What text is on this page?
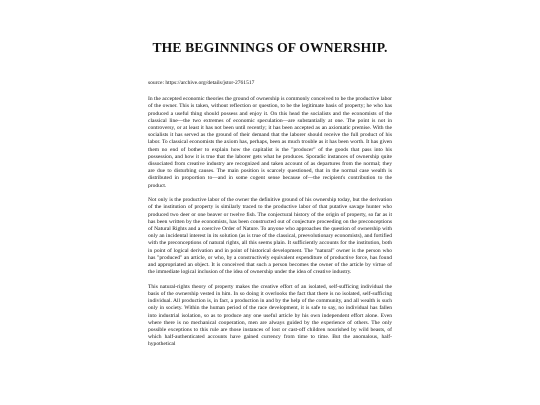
THE BEGINNINGS OF OWNERSHIP.

source: https://archive.org/details/jstor-2761517

In the accepted economic theories the ground of ownership is commonly conceived to be the productive labor of the owner. This is taken, without reflection or question, to be the legitimate basis of property; he who has produced a useful thing should possess and enjoy it. On this head the socialists and the economists of the classical line—the two extremes of economic speculation—are substantially at one. The point is not in controversy, or at least it has not been until recently; it has been accepted as an axiomatic premise. With the socialists it has served as the ground of their demand that the laborer should receive the full product of his labor. To classical economists the axiom has, perhaps, been as much trouble as it has been worth. It has given them no end of bother to explain how the capitalist is the "producer" of the goods that pass into his possession, and how it is true that the laborer gets what he produces. Sporadic instances of ownership quite dissociated from creative industry are recognized and taken account of as departures from the normal; they are due to disturbing causes. The main position is scarcely questioned, that in the normal case wealth is distributed in proportion to—and in some cogent sense because of—the recipient's contribution to the product.

Not only is the productive labor of the owner the definitive ground of his ownership today, but the derivation of the institution of property is similarly traced to the productive labor of that putative savage hunter who produced two deer or one beaver or twelve fish. The conjectural history of the origin of property, so far as it has been written by the economists, has been constructed out of conjecture proceeding on the preconceptions of Natural Rights and a coercive Order of Nature. To anyone who approaches the question of ownership with only an incidental interest in its solution (as is true of the classical, preevolutionary economists), and fortified with the preconceptions of natural rights, all this seems plain. It sufficiently accounts for the institution, both in point of logical derivation and in point of historical development. The "natural" owner is the person who has "produced" an article, or who, by a constructively equivalent expenditure of productive force, has found and appropriated an object. It is conceived that such a person becomes the owner of the article by virtue of the immediate logical inclusion of the idea of ownership under the idea of creative industry.

This natural-rights theory of property makes the creative effort of an isolated, self-sufficing individual the basis of the ownership vested in him. In so doing it overlooks the fact that there is no isolated, self-sufficing individual. All production is, in fact, a production in and by the help of the community, and all wealth is such only in society. Within the human period of the race development, it is safe to say, no individual has fallen into industrial isolation, so as to produce any one useful article by his own independent effort alone. Even where there is no mechanical cooperation, men are always guided by the experience of others. The only possible exceptions to this rule are those instances of lost or cast-off children nourished by wild beasts, of which half-authenticated accounts have gained currency from time to time. But the anomalous, half-hypothetical
